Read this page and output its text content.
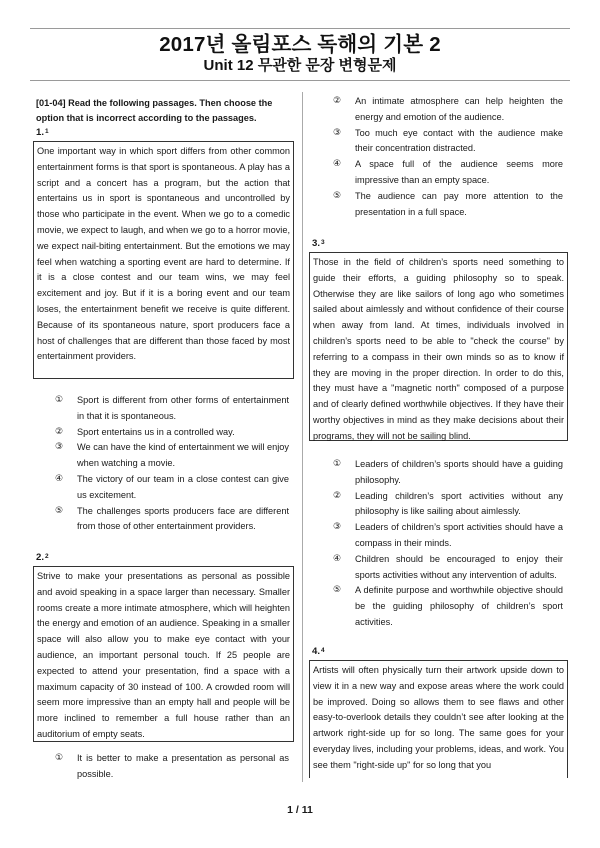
2017년 올림포스 독해의 기본 2
Unit 12 무관한 문장 변형문제
[01-04] Read the following passages. Then choose the option that is incorrect according to the passages.
1.$^1$

One important way in which sport differs from other common entertainment forms is that sport is spontaneous. A play has a script and a concert has a program, but the action that entertains us in sport is spontaneous and uncontrolled by those who participate in the event. When we go to a comedic movie, we expect to laugh, and when we go to a horror movie, we expect nail-biting entertainment. But the emotions we may feel when watching a sporting event are hard to determine. If it is a close contest and our team wins, we may feel excitement and joy. But if it is a boring event and our team loses, the entertainment benefit we receive is quite different. Because of its spontaneous nature, sport producers face a host of challenges that are different than those faced by most entertainment providers.

①	Sport is different from other forms of entertainment in that it is spontaneous.
②	Sport entertains us in a controlled way.
③	We can have the kind of entertainment we will enjoy when watching a movie.
④	The victory of our team in a close contest can give us excitement.
⑤	The challenges sports producers face are different from those of other entertainment providers.
2.$^2$

Strive to make your presentations as personal as possible and avoid speaking in a space larger than necessary. Smaller rooms create a more intimate atmosphere, which will heighten the energy and emotion of an audience. Speaking in a smaller space will also allow you to make eye contact with your audience, an important personal touch. If 25 people are expected to attend your presentation, find a space with a maximum capacity of 30 instead of 100. A crowded room will seem more impressive than an empty hall and people will be more inclined to remember a full house rather than an auditorium of empty seats.

①	It is better to make a presentation as personal as possible.
②	An intimate atmosphere can help heighten the energy and emotion of the audience.
③	Too much eye contact with the audience make their concentration distracted.
④	A space full of the audience seems more impressive than an empty space.
⑤	The audience can pay more attention to the presentation in a full space.
3.$^3$

Those in the field of children’s sports need something to guide their efforts, a guiding philosophy so to speak. Otherwise they are like sailors of long ago who sometimes sailed about aimlessly and without confidence of their course when away from land. At times, individuals involved in children’s sports need to be able to "check the course" by referring to a compass in their own minds so as to know if they are moving in the proper direction. In order to do this, they must have a "magnetic north" composed of a purpose and of clearly defined worthwhile objectives. If they have their worthy objectives in mind as they make decisions about their programs, they will not be sailing blind.

①	Leaders of children’s sports should have a guiding philosophy.
②	Leading children’s sport activities without any philosophy is like sailing about aimlessly.
③	Leaders of children’s sport activities should have a compass in their minds.
④	Children should be encouraged to enjoy their sports activities without any intervention of adults.
⑤	A definite purpose and worthwhile objective should be the guiding philosophy of children’s sport activities.
4.$^4$

Artists will often physically turn their artwork upside down to view it in a new way and expose areas where the work could be improved. Doing so allows them to see flaws and other easy-to-overlook details they couldn’t see after looking at the artwork right-side up for so long. The same goes for your everyday lives, including your problems, ideas, and work. You see them "right-side up" for so long that you

1 / 11
